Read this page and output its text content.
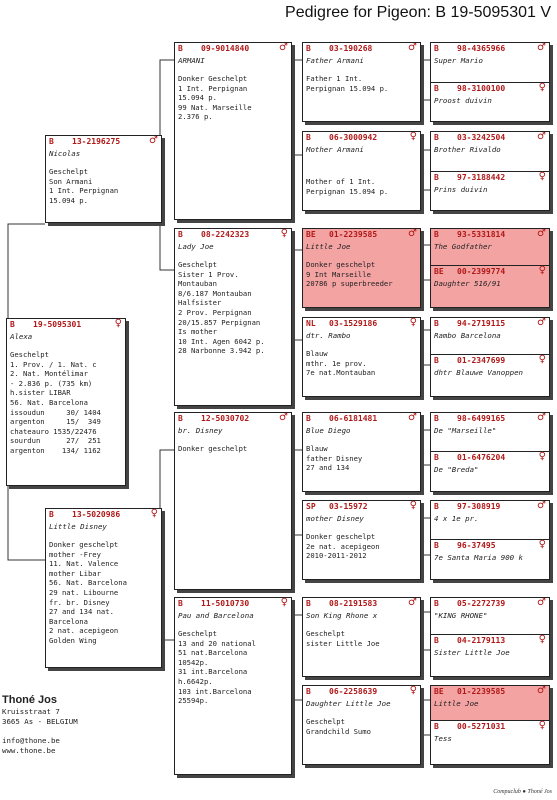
Pedigree for Pigeon: B 19-5095301 V
B 19-5095301	♀
Alexa
Geschelpt
1. Prov. / 1. Nat. c
2. Nat. Montélimar
- 2.836 p. (735 km)
h.sister LIBAR
56. Nat. Barcelona
issoudun     30/ 1404
argenton     15/  349
chateauro 1535/22476
sourdun      27/  251
argenton    134/ 1162
B 13-2196275	♂
Nicolas
Geschelpt
Son Armani
1 Int. Perpignan
15.094 p.
B 13-5020986	♀
Little Disney
Donker geschelpt
mother -Frey
11. Nat. Valence
mother Libar
56. Nat. Barcelona
29 nat. Libourne
fr. br. Disney
27 and 134 nat.
Barcelona
2 nat. acepigeon
Golden Wing
B 09-9014840	♂
ARMANI
Donker Geschelpt
1 Int. Perpignan
15.094 p.
99 Nat. Marseille
2.376 p.
B 08-2242323	♀
Lady Joe
Geschelpt
Sister 1 Prov.
Montauban
8/6.187 Montauban
Halfsister
2 Prov. Perpignan
20/15.857 Perpignan
Is mother
10 Int. Agen 6042 p.
28 Narbonne 3.942 p.
B 12-5030702	♂
br. Disney
Donker geschelpt
B 11-5010730	♀
Pau and Barcelona
Geschelpt
13 and 20 national
51 nat.Barcelona
10542p.
31 int.Barcelona
h.6642p.
103 int.Barcelona
25594p.
B 03-190268	♂
Father Armani
Father 1 Int.
Perpignan 15.094 p.
B 06-3000942	♀
Mother Armani
Mother of 1 Int.
Perpignan 15.094 p.
BE 01-2239585	♂
Little Joe
Donker geschelpt
9 Int Marseille
20786 p superbreeder
NL 03-1529186	♀
dtr. Rambo
Blauw
mthr. 1e prov.
7e nat.Montauban
B 06-6181481	♂
Blue Diego
Blauw
father Disney
27 and 134
SP 03-15972	♀
mother Disney
Donker geschelpt
2e nat. acepigeon
2010-2011-2012
B 08-2191583	♂
Son King Rhone x
Geschelpt
sister Little Joe
B 06-2258639	♀
Daughter Little Joe
Geschelpt
Grandchild Sumo
B 98-4365966	♂
Super Mario
B 98-3100100	♀
Proost duivin
B 03-3242504	♂
Brother Rivaldo
B 97-3188442	♀
Prins duivin
B 93-5331814	♂
The Godfather
BE 00-2399774	♀
Daughter 516/91
B 94-2719115	♂
Rambo Barcelona
B 01-2347699	♀
dhtr Blauwe Vanoppen
B 98-6499165	♂
De "Marseille"
B 01-6476204	♀
De "Breda"
B 97-308919	♂
4 x 1e pr.
B 96-37495	♀
7e Santa Maria 900 k
B 05-2272739	♂
"KING RHONE"
B 04-2179113	♀
Sister Little Joe
BE 01-2239585	♂
Little Joe
B 00-5271031	♀
Tess
Thoné Jos
Kruisstraat 7
3665 As - BELGIUM
info@thone.be
www.thone.be
Compuclub ● Thoné Jos
